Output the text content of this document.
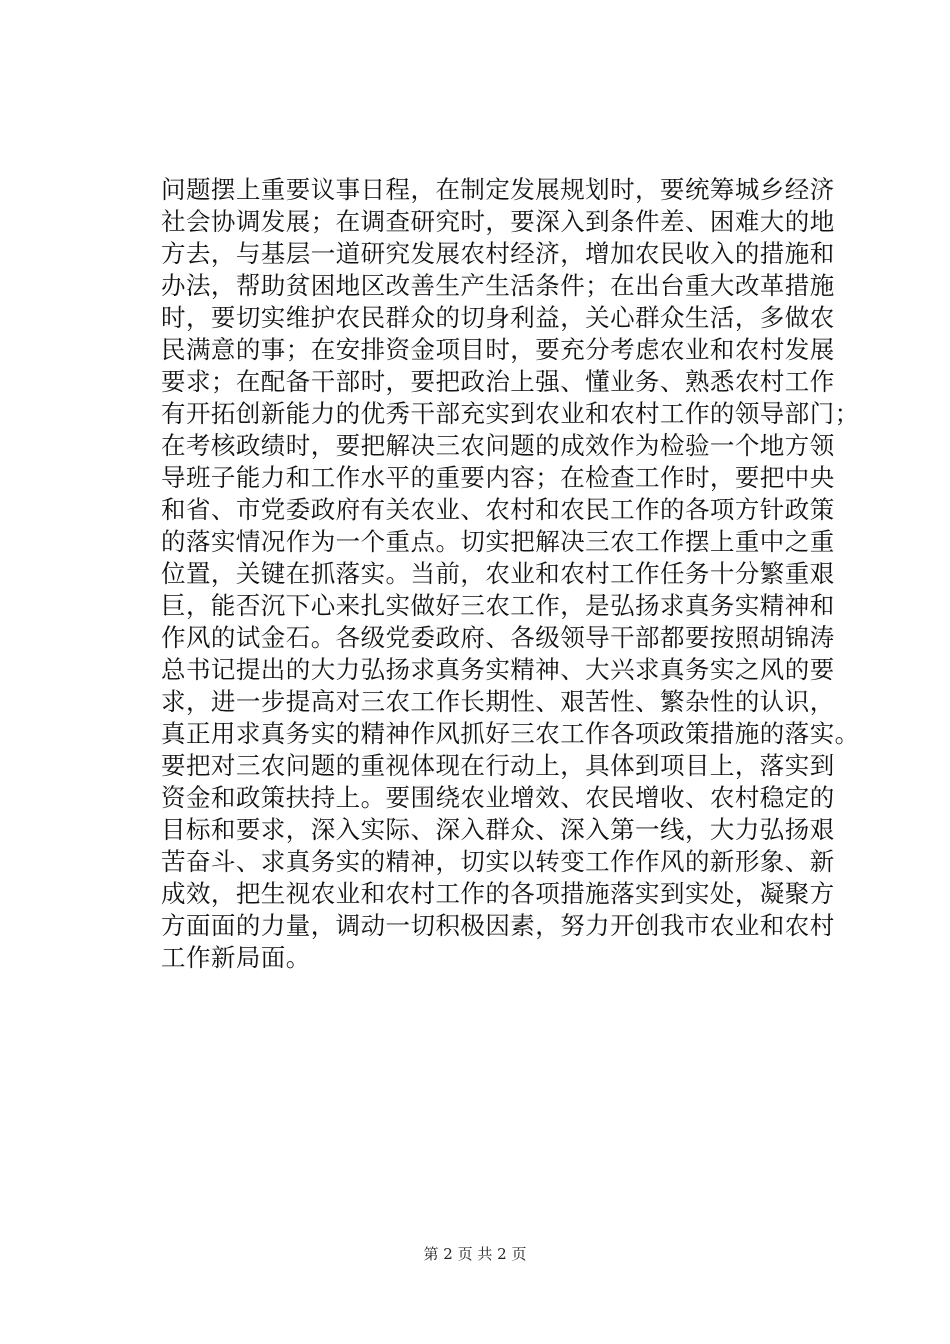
问题摆上重要议事日程，在制定发展规划时，要统筹城乡经济
社会协调发展；在调查研究时，要深入到条件差、困难大的地
方去，与基层一道研究发展农村经济，增加农民收入的措施和
办法，帮助贫困地区改善生产生活条件；在出台重大改革措施
时，要切实维护农民群众的切身利益，关心群众生活，多做农
民满意的事；在安排资金项目时，要充分考虑农业和农村发展
要求；在配备干部时，要把政治上强、懂业务、熟悉农村工作
有开拓创新能力的优秀干部充实到农业和农村工作的领导部门；
在考核政绩时，要把解决三农问题的成效作为检验一个地方领
导班子能力和工作水平的重要内容；在检查工作时，要把中央
和省、市党委政府有关农业、农村和农民工作的各项方针政策
的落实情况作为一个重点。切实把解决三农工作摆上重中之重
位置，关键在抓落实。当前，农业和农村工作任务十分繁重艰
巨，能否沉下心来扎实做好三农工作，是弘扬求真务实精神和
作风的试金石。各级党委政府、各级领导干部都要按照胡锦涛
总书记提出的大力弘扬求真务实精神、大兴求真务实之风的要
求，进一步提高对三农工作长期性、艰苦性、繁杂性的认识，
真正用求真务实的精神作风抓好三农工作各项政策措施的落实。
要把对三农问题的重视体现在行动上，具体到项目上，落实到
资金和政策扶持上。要围绕农业增效、农民增收、农村稳定的
目标和要求，深入实际、深入群众、深入第一线，大力弘扬艰
苦奋斗、求真务实的精神，切实以转变工作作风的新形象、新
成效，把生视农业和农村工作的各项措施落实到实处，凝聚方
方面面的力量，调动一切积极因素，努力开创我市农业和农村
工作新局面。
第 2 页 共 2 页
